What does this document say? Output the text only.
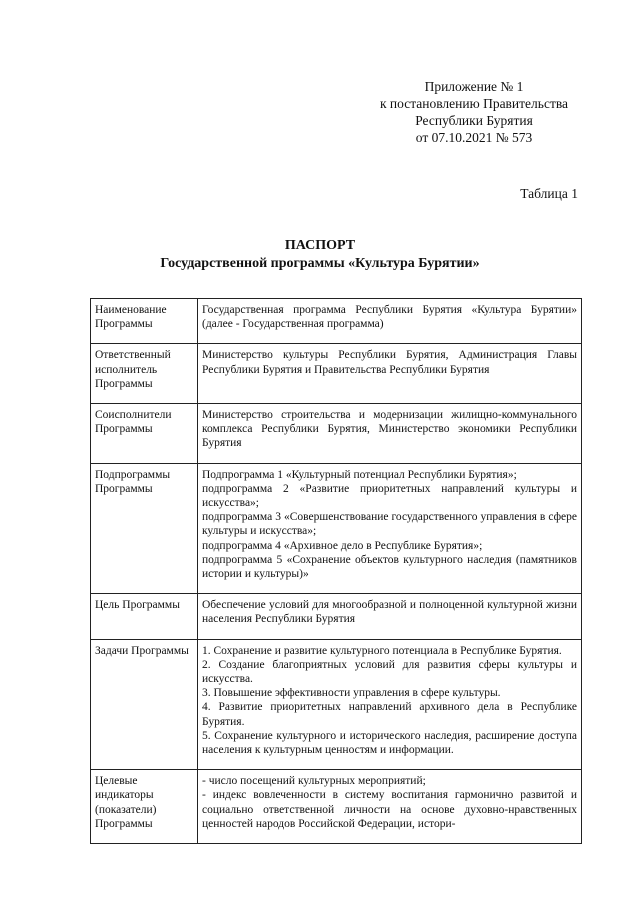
Приложение № 1
к постановлению Правительства
Республики Бурятия
от 07.10.2021 № 573
Таблица 1
ПАСПОРТ
Государственной программы «Культура Бурятии»
Наименование Программы	Государственная программа Республики Бурятия «Культура Бурятии» (далее - Государственная программа)

Ответственный исполнитель Программы	Министерство культуры Республики Бурятия, Администрация Главы Республики Бурятия и Правительства Республики Бурятия

Соисполнители Программы	Министерство строительства и модернизации жилищно-коммунального комплекса Республики Бурятия, Министерство экономики Республики Бурятия

Подпрограммы Программы	Подпрограмма 1 «Культурный потенциал Республики Бурятия»;
подпрограмма 2 «Развитие приоритетных направлений культуры и искусства»;
подпрограмма 3 «Совершенствование государственного управления в сфере культуры и искусства»;
подпрограмма 4 «Архивное дело в Республике Бурятия»;
подпрограмма 5 «Сохранение объектов культурного наследия (памятников истории и культуры)»

Цель Программы	Обеспечение условий для многообразной и полноценной культурной жизни населения Республики Бурятия

Задачи Программы	1. Сохранение и развитие культурного потенциала в Республике Бурятия.
2. Создание благоприятных условий для развития сферы культуры и искусства.
3. Повышение эффективности управления в сфере культуры.
4. Развитие приоритетных направлений архивного дела в Республике Бурятия.
5. Сохранение культурного и исторического наследия, расширение доступа населения к культурным ценностям и информации.

Целевые индикаторы (показатели) Программы	- число посещений культурных мероприятий;
- индекс вовлеченности в систему воспитания гармонично развитой и социально ответственной личности на основе духовно-нравственных ценностей народов Российской Федерации, истори-
